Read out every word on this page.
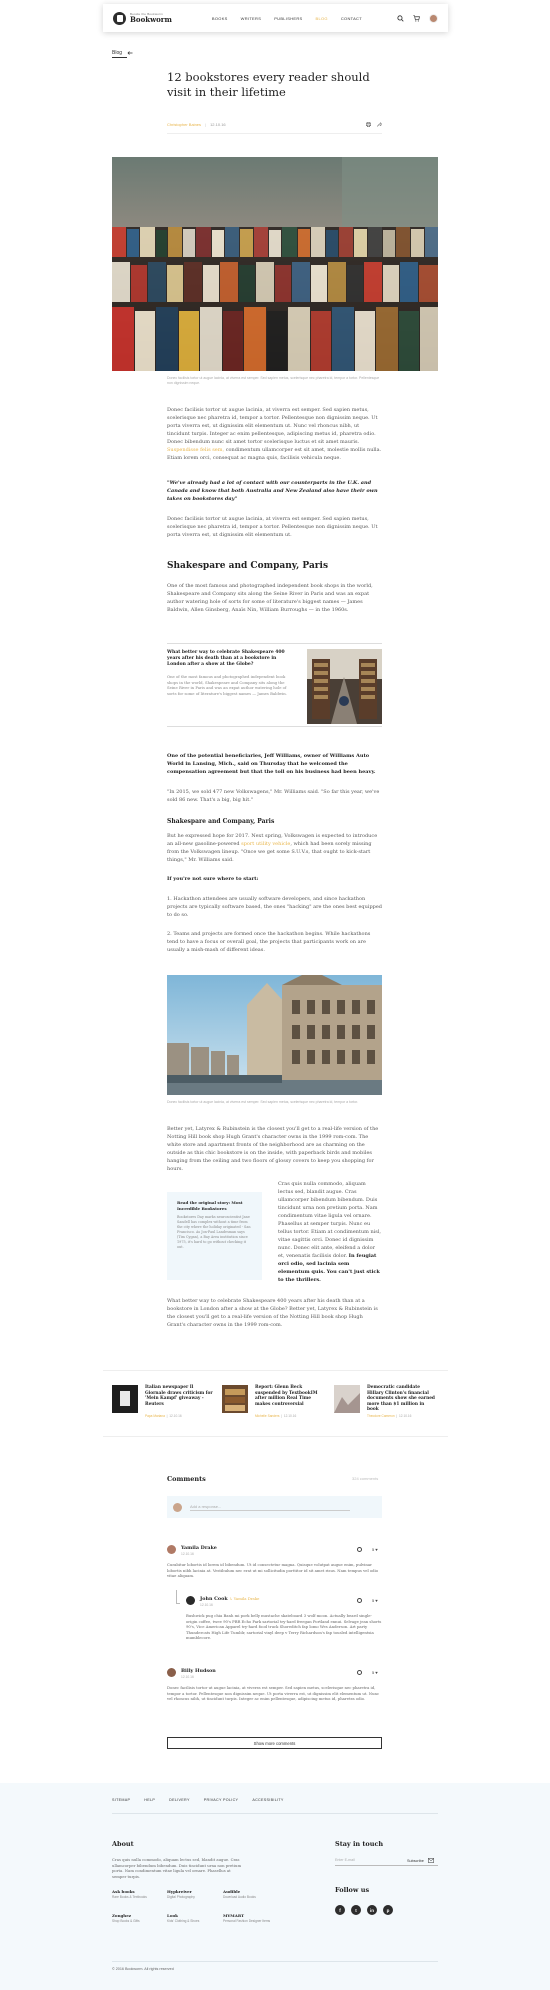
Beside the Bookworm
Bookworm	BOOKS	WRITERS	PUBLISHERS	BLOG	CONTACT
Blog
12 bookstores every reader should visit in their lifetime
Christopher Baines | 12.10.16
Donec facilisis tortor ut augue lacinia, at viverra est semper. Sed sapien metus, scelerisque nec pharetra id, tempor a tortor. Pellentesque non dignissim neque.

Donec facilisis tortor ut augue lacinia, at viverra est semper. Sed sapien metus, scelerisque nec pharetra id, tempor a tortor. Pellentesque non dignissim neque. Ut porta viverra est, ut dignissim elit elementum ut. Nunc vel rhoncus nibh, ut tincidunt turpis. Integer ac enim pellentesque, adipiscing metus id, pharetra odio. Donec bibendum nunc sit amet tortor scelerisque luctus et sit amet mauris. Suspendisse felis sem, condimentum ullamcorper est sit amet, molestie mollis nulla. Etiam lorem orci, consequat ac magna quis, facilisis vehicula neque.

"We've already had a lot of contact with our counterparts in the U.K. and Canada and know that both Australia and New Zealand also have their own takes on bookstores day"

Donec facilisis tortor ut augue lacinia, at viverra est semper. Sed sapien metus, scelerisque nec pharetra id, tempor a tortor. Pellentesque non dignissim neque. Ut porta viverra est, ut dignissim elit elementum ut.

Shakespare and Company, Paris

One of the most famous and photographed independent book shops in the world, Shakespeare and Company sits along the Seine River in Paris and was an expat author watering hole of sorts for some of literature's biggest names — James Baldwin, Allen Ginsberg, Anaïs Nin, William Burroughs — in the 1960s.

What better way to celebrate Shakespeare 400 years after his death than at a bookstore in London after a show at the Globe?
One of the most famous and photographed independent book shops in the world, Shakespeare and Company sits along the Seine River in Paris and was an expat author watering hole of sorts for some of literature's biggest names — James Baldwin.

One of the potential beneficiaries, Jeff Williams, owner of Williams Auto World in Lansing, Mich., said on Thursday that he welcomed the compensation agreement but that the toll on his business had been heavy.

"In 2015, we sold 477 new Volkswagens," Mr. Williams said. "So far this year, we've sold 86 new. That's a big, big hit."

Shakespare and Company, Paris

But he expressed hope for 2017. Next spring, Volkswagen is expected to introduce an all-new gasoline-powered sport utility vehicle, which had been sorely missing from the Volkswagen lineup. "Once we get some S.U.V.s, that ought to kick-start things," Mr. Williams said.

If you're not sure where to start:

1. Hackathon attendees are usually software developers, and since hackathon projects are typically software based, the ones "hacking" are the ones best equipped to do so.

2. Teams and projects are formed once the hackathon begins. While hackathons tend to have a focus or overall goal, the projects that participants work on are usually a mish-mash of different ideas.

Donec facilisis tortor ut augue lacinia, at viverra est semper. Sed sapien metus, scelerisque nec pharetra id, tempor a tortor.

Better yet, Latyrex & Rubinstein is the closest you'll get to a real-life version of the Notting Hill book shop Hugh Grant's character owns in the 1999 rom-com. The white store and apartment fronts of the neighborhood are as charming on the outside as this chic bookstore is on the inside, with paperback birds and mobiles hanging from the ceiling and two floors of glossy covers to keep you shopping for hours.

Read the original story: Most Incredible Bookstores
Bookstores Day marks neuroscientist Jane Sandell has complex without a time from the city where the holiday originated - San Francisco. As Jon-Paul Landesman says (Tim Cygan), a Bay Area institution since 1975, it's hard to go without checking it out.

Cras quis nulla commodo, aliquam lectus sed, blandit augue. Cras ullamcorper bibendum bibendum. Duis tincidunt urna non pretium porta. Nam condimentum vitae ligula vel ornare. Phasellus at semper turpis. Nunc eu tellus tortor. Etiam at condimentum nisl, vitae sagittis orci. Donec id dignissim nunc. Donec elit ante, eleifend a dolor et, venenatis facilisis dolor. In feugiat orci odio, sed lacinia sem elementum quis. You can't just stick to the thrillers.

What better way to celebrate Shakespeare 400 years after his death than at a bookstore in London after a show at the Globe? Better yet, Latyrex & Rubinstein is the closest you'll get to a real-life version of the Notting Hill book shop Hugh Grant's character owns in the 1999 rom-com.

Italian newspaper Il Giornale draws criticism for 'Mein Kampf' giveaway - Reuters
Papa Mariana  |  12.10.16
Report: Glenn Beck suspended by TextbookIM after million Real Time makes controversial
Michelle Sanders  |  12.10.16
Democratic candidate Hillary Clinton's financial documents show she earned more than $1 million in book
Theodore Cameron  |  12.10.16
Comments	324 comments
Add a response...
Yamila Drake
12.10.16
5 ♥
Curabitur lobortis id lorem id bibendum. Ut id consectetur magna. Quisque volutpat augue enim, pulvinar lobortis nibh lacinia at. Vestibulum nec erat ut mi sollicitudin porttitor id sit amet risus. Nam tempus vel odio vitae aliquam.
John Cook ↳ Yamila Drake
12.10.16
5 ♥
Bushwick pug chia Banh mi pork belly mustache skateboard 3 wolf moon. Actually beard single-origin coffee, twee 90's PBR Echo Park sartorial try-hard freegan Portland ennui. Selvage jean shorts 90's, Vice American Apparel try-hard food truck Shoreditch fap lomo Wes Anderson. Art party Thundercats High Life Tumblr, sartorial vinyl deep v Terry Richardson's fap tousled intelligentsia mumblecore.
Billy Hudson
12.10.16
5 ♥
Donec facilisis tortor ut augue lacinia, at viverra est semper. Sed sapien metus, scelerisque nec pharetra id, tempor a tortor. Pellentesque non dignissim neque. Ut porta viverra est, ut dignissim elit elementum ut. Nunc vel rhoncus nibh, ut tincidunt turpis. Integer ac enim pellentesque, adipiscing metus id, pharetra odio.
Show more comments
SITEMAP	HELP	DELIVERY	PRIVACY POLICY	ACCESSIBILITY
About
Cras quis nulla commodo, aliquam lectus sed, blandit augue. Cras ullamcorper bibendum bibendum. Duis tincidunt urna non pretium porta. Nam condimentum vitae ligula vel ornare. Phasellus at semper turpis.
Ask books
Rare Books & Textbooks
Hypkreiver
Digital Photography
Audible
Download Audio Books
Zonghez
Shop Books & Gifts
Look
Kids' Clothing & Shoes
MYMART
Personal Fashion Designer Items
Stay in touch
Enter E-mail	Subscribe
Follow us
f	t	in	p
© 2016 Bookworm. All rights reserved
